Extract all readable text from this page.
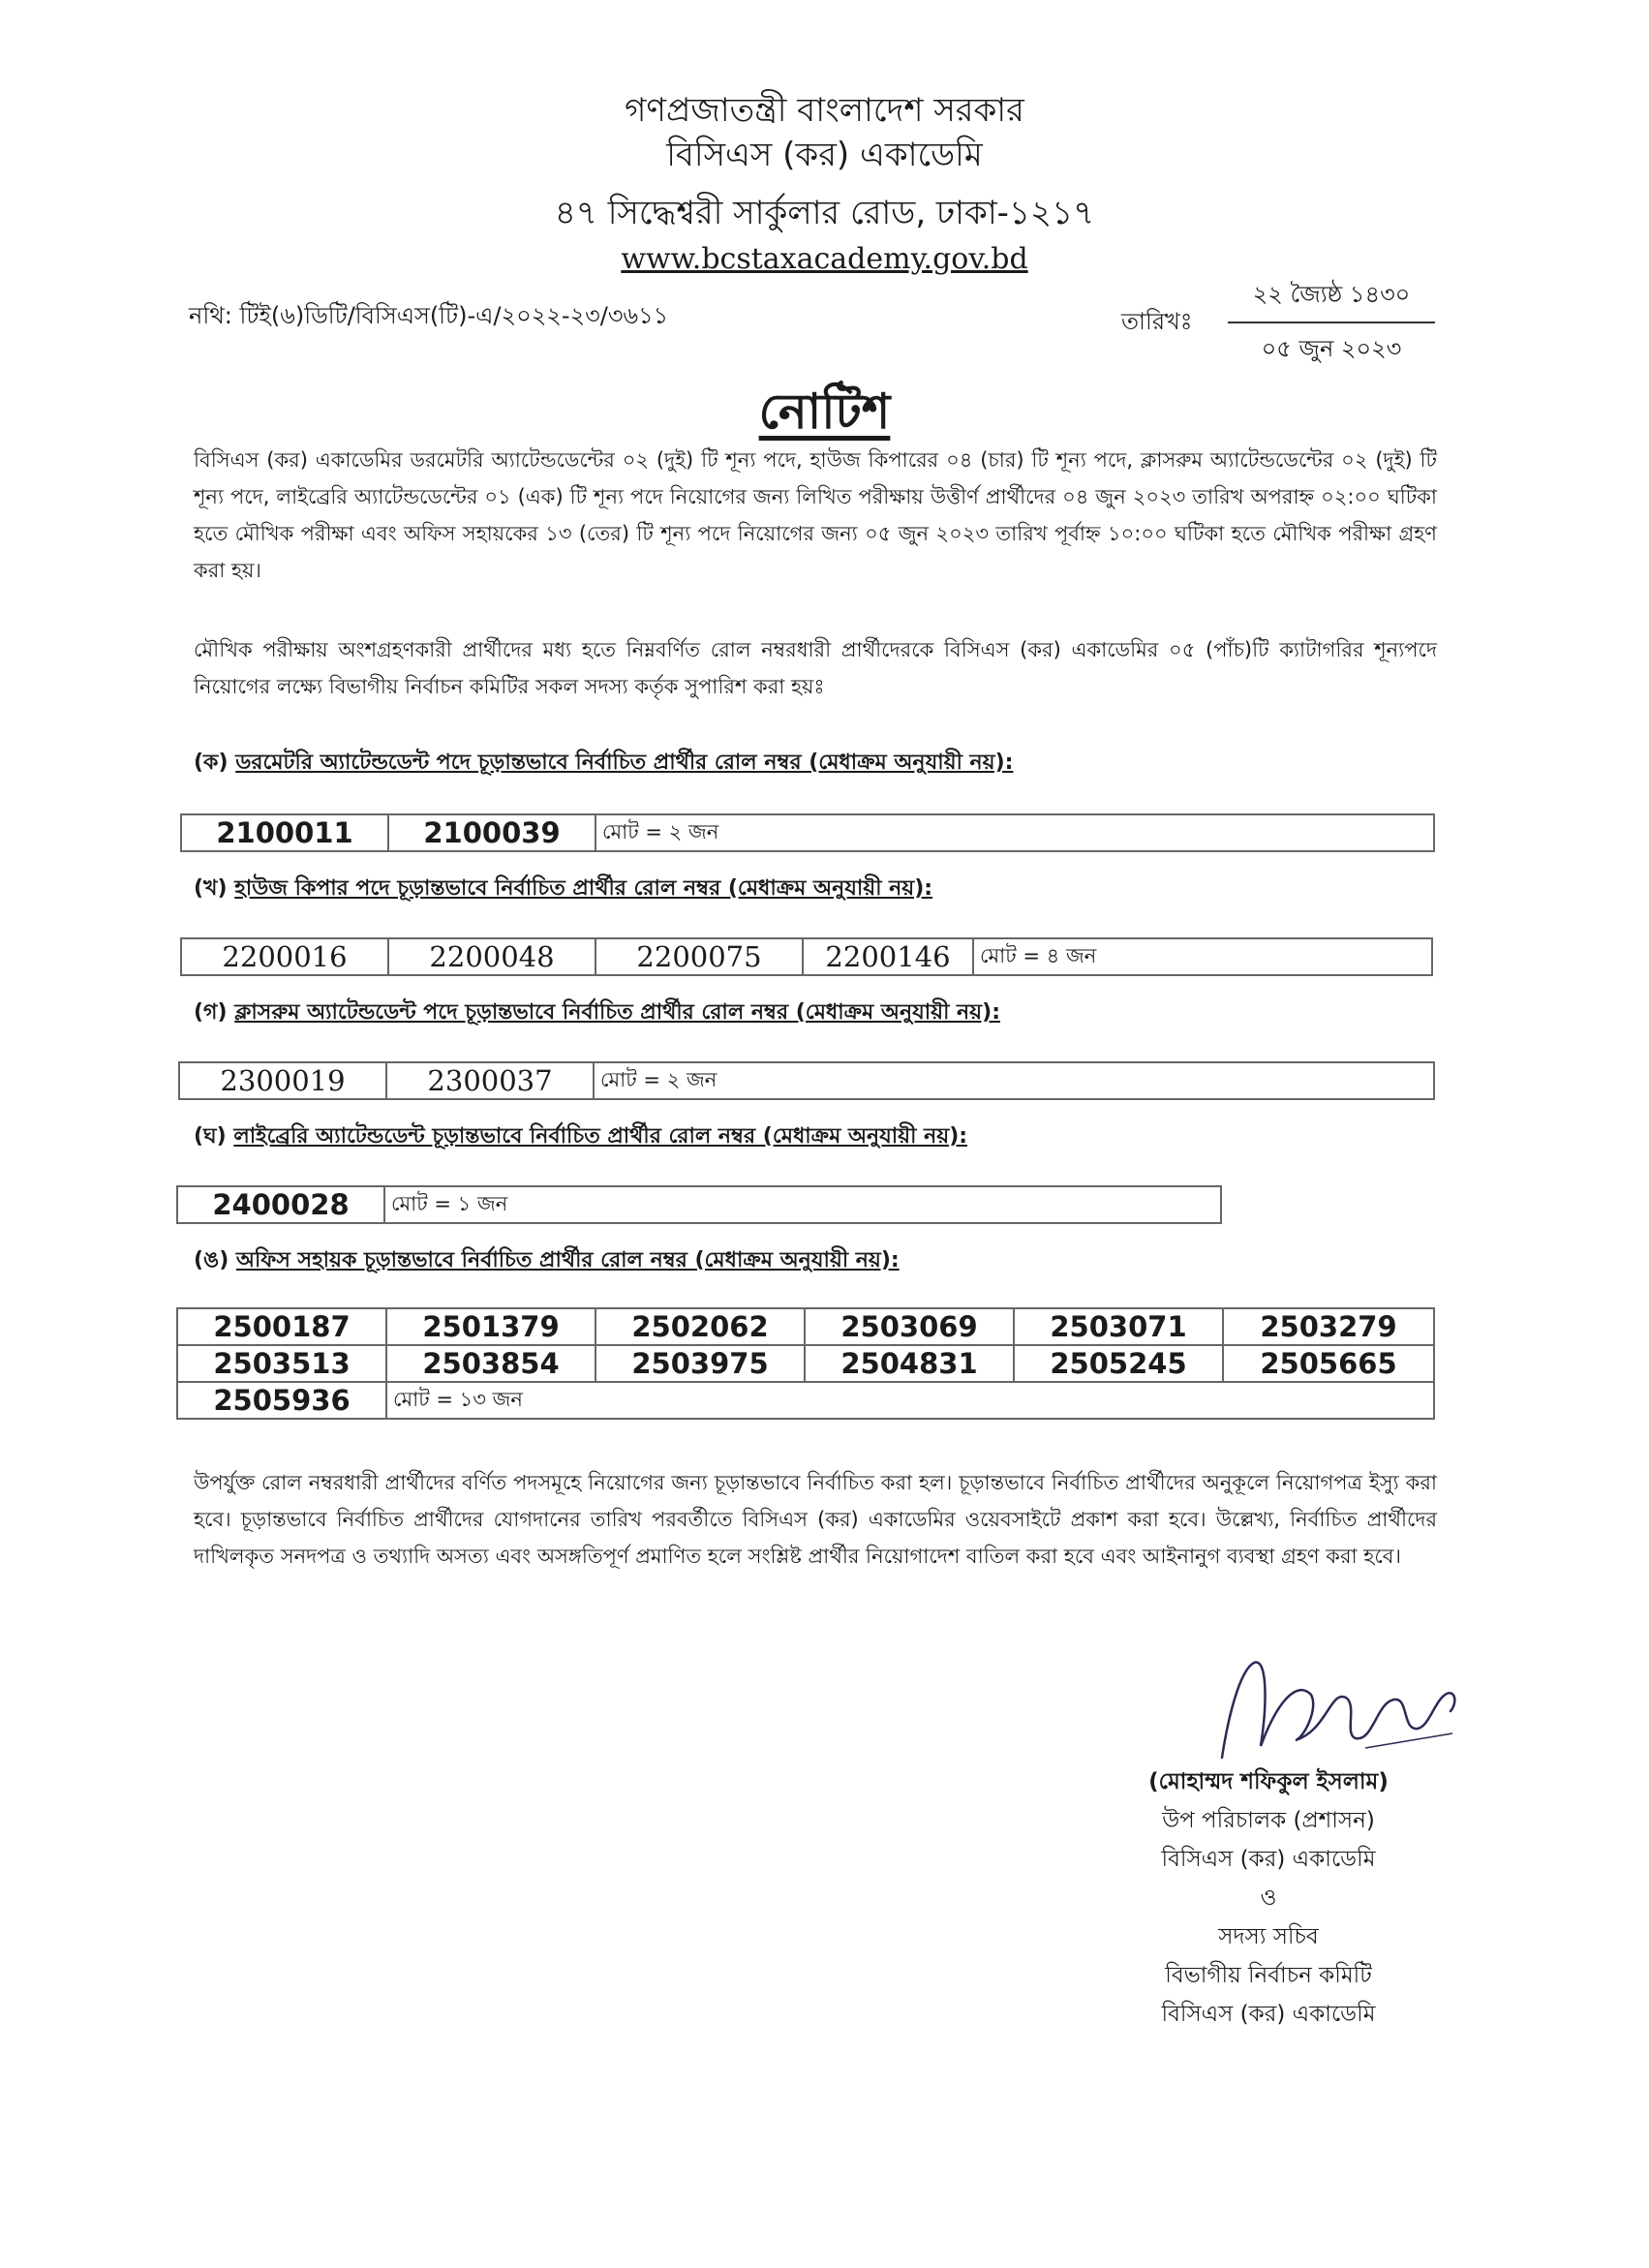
গণপ্রজাতন্ত্রী বাংলাদেশ সরকার
বিসিএস (কর) একাডেমি
৪৭ সিদ্ধেশ্বরী সার্কুলার রোড, ঢাকা-১২১৭
www.bcstaxacademy.gov.bd
নথি: টিই(৬)ডিটি/বিসিএস(টি)-এ/২০২২-২৩/৩৬১১	তারিখঃ
২২ জ্যৈষ্ঠ ১৪৩০
০৫ জুন ২০২৩
নোটিশ
বিসিএস (কর) একাডেমির ডরমেটরি অ্যাটেন্ডডেন্টের ০২ (দুই) টি শূন্য পদে, হাউজ কিপারের ০৪ (চার) টি শূন্য পদে, ক্লাসরুম অ্যাটেন্ডডেন্টের ০২ (দুই) টি শূন্য পদে, লাইব্রেরি অ্যাটেন্ডডেন্টের ০১ (এক) টি শূন্য পদে নিয়োগের জন্য লিখিত পরীক্ষায় উত্তীর্ণ প্রার্থীদের ০৪ জুন ২০২৩ তারিখ অপরাহ্ন ০২:০০ ঘটিকা হতে মৌখিক পরীক্ষা এবং অফিস সহায়কের ১৩ (তের) টি শূন্য পদে নিয়োগের জন্য ০৫ জুন ২০২৩ তারিখ পূর্বাহ্ন ১০:০০ ঘটিকা হতে মৌখিক পরীক্ষা গ্রহণ করা হয়।
মৌখিক পরীক্ষায় অংশগ্রহণকারী প্রার্থীদের মধ্য হতে নিম্নবর্ণিত রোল নম্বরধারী প্রার্থীদেরকে বিসিএস (কর) একাডেমির ০৫ (পাঁচ)টি ক্যাটাগরির শূন্যপদে নিয়োগের লক্ষ্যে বিভাগীয় নির্বাচন কমিটির সকল সদস্য কর্তৃক সুপারিশ করা হয়ঃ
(ক) ডরমেটরি অ্যাটেন্ডডেন্ট পদে চূড়ান্তভাবে নির্বাচিত প্রার্থীর রোল নম্বর (মেধাক্রম অনুযায়ী নয়):
2100011	2100039	মোট = ২ জন
(খ) হাউজ কিপার পদে চূড়ান্তভাবে নির্বাচিত প্রার্থীর রোল নম্বর (মেধাক্রম অনুযায়ী নয়):
2200016	2200048	2200075	2200146	মোট = ৪ জন
(গ) ক্লাসরুম অ্যাটেন্ডডেন্ট পদে চূড়ান্তভাবে নির্বাচিত প্রার্থীর রোল নম্বর (মেধাক্রম অনুযায়ী নয়):
2300019	2300037	মোট = ২ জন
(ঘ) লাইব্রেরি অ্যাটেন্ডডেন্ট চূড়ান্তভাবে নির্বাচিত প্রার্থীর রোল নম্বর (মেধাক্রম অনুযায়ী নয়):
2400028	মোট = ১ জন
(ঙ) অফিস সহায়ক চূড়ান্তভাবে নির্বাচিত প্রার্থীর রোল নম্বর (মেধাক্রম অনুযায়ী নয়):
2500187	2501379	2502062	2503069	2503071	2503279
2503513	2503854	2503975	2504831	2505245	2505665
2505936	মোট = ১৩ জন				
উপর্যুক্ত রোল নম্বরধারী প্রার্থীদের বর্ণিত পদসমূহে নিয়োগের জন্য চূড়ান্তভাবে নির্বাচিত করা হল। চূড়ান্তভাবে নির্বাচিত প্রার্থীদের অনুকূলে নিয়োগপত্র ইস্যু করা হবে। চূড়ান্তভাবে নির্বাচিত প্রার্থীদের যোগদানের তারিখ পরবর্তীতে বিসিএস (কর) একাডেমির ওয়েবসাইটে প্রকাশ করা হবে। উল্লেখ্য, নির্বাচিত প্রার্থীদের দাখিলকৃত সনদপত্র ও তথ্যাদি অসত্য এবং অসঙ্গতিপূর্ণ প্রমাণিত হলে সংশ্লিষ্ট প্রার্থীর নিয়োগাদেশ বাতিল করা হবে এবং আইনানুগ ব্যবস্থা গ্রহণ করা হবে।
(মোহাম্মদ শফিকুল ইসলাম)
উপ পরিচালক (প্রশাসন)
বিসিএস (কর) একাডেমি
ও
সদস্য সচিব
বিভাগীয় নির্বাচন কমিটি
বিসিএস (কর) একাডেমি
